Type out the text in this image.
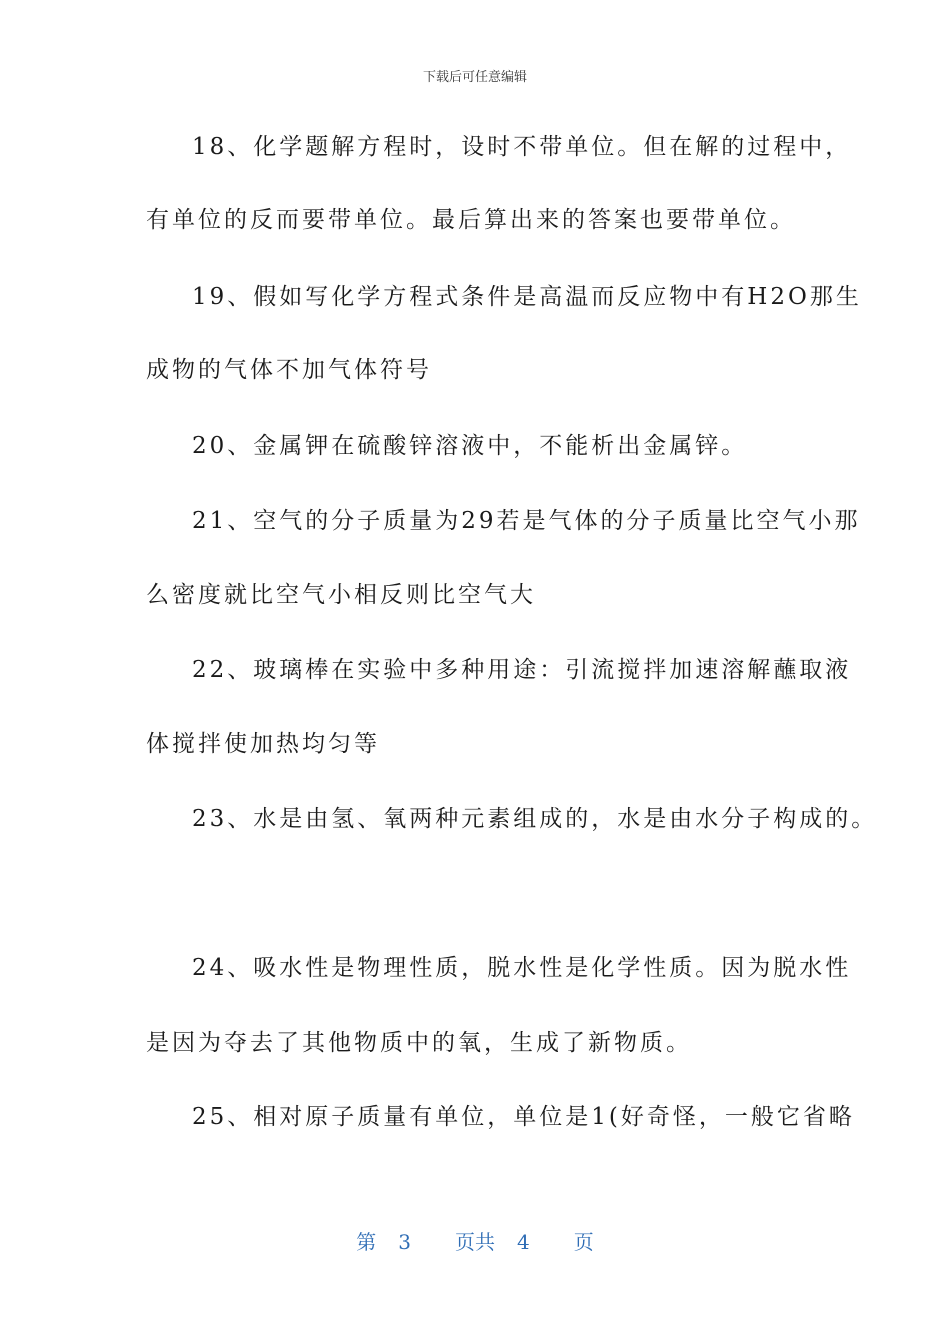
下载后可任意编辑
18、化学题解方程时，设时不带单位。但在解的过程中，
有单位的反而要带单位。最后算出来的答案也要带单位。
19、假如写化学方程式条件是高温而反应物中有H2O那生
成物的气体不加气体符号
20、金属钾在硫酸锌溶液中，不能析出金属锌。
21、空气的分子质量为29若是气体的分子质量比空气小那
么密度就比空气小相反则比空气大
22、玻璃棒在实验中多种用途：引流搅拌加速溶解蘸取液
体搅拌使加热均匀等
23、水是由氢、氧两种元素组成的，水是由水分子构成的。
24、吸水性是物理性质，脱水性是化学性质。因为脱水性
是因为夺去了其他物质中的氧，生成了新物质。
25、相对原子质量有单位，单位是1(好奇怪，一般它省略
第 3 页共 4 页
